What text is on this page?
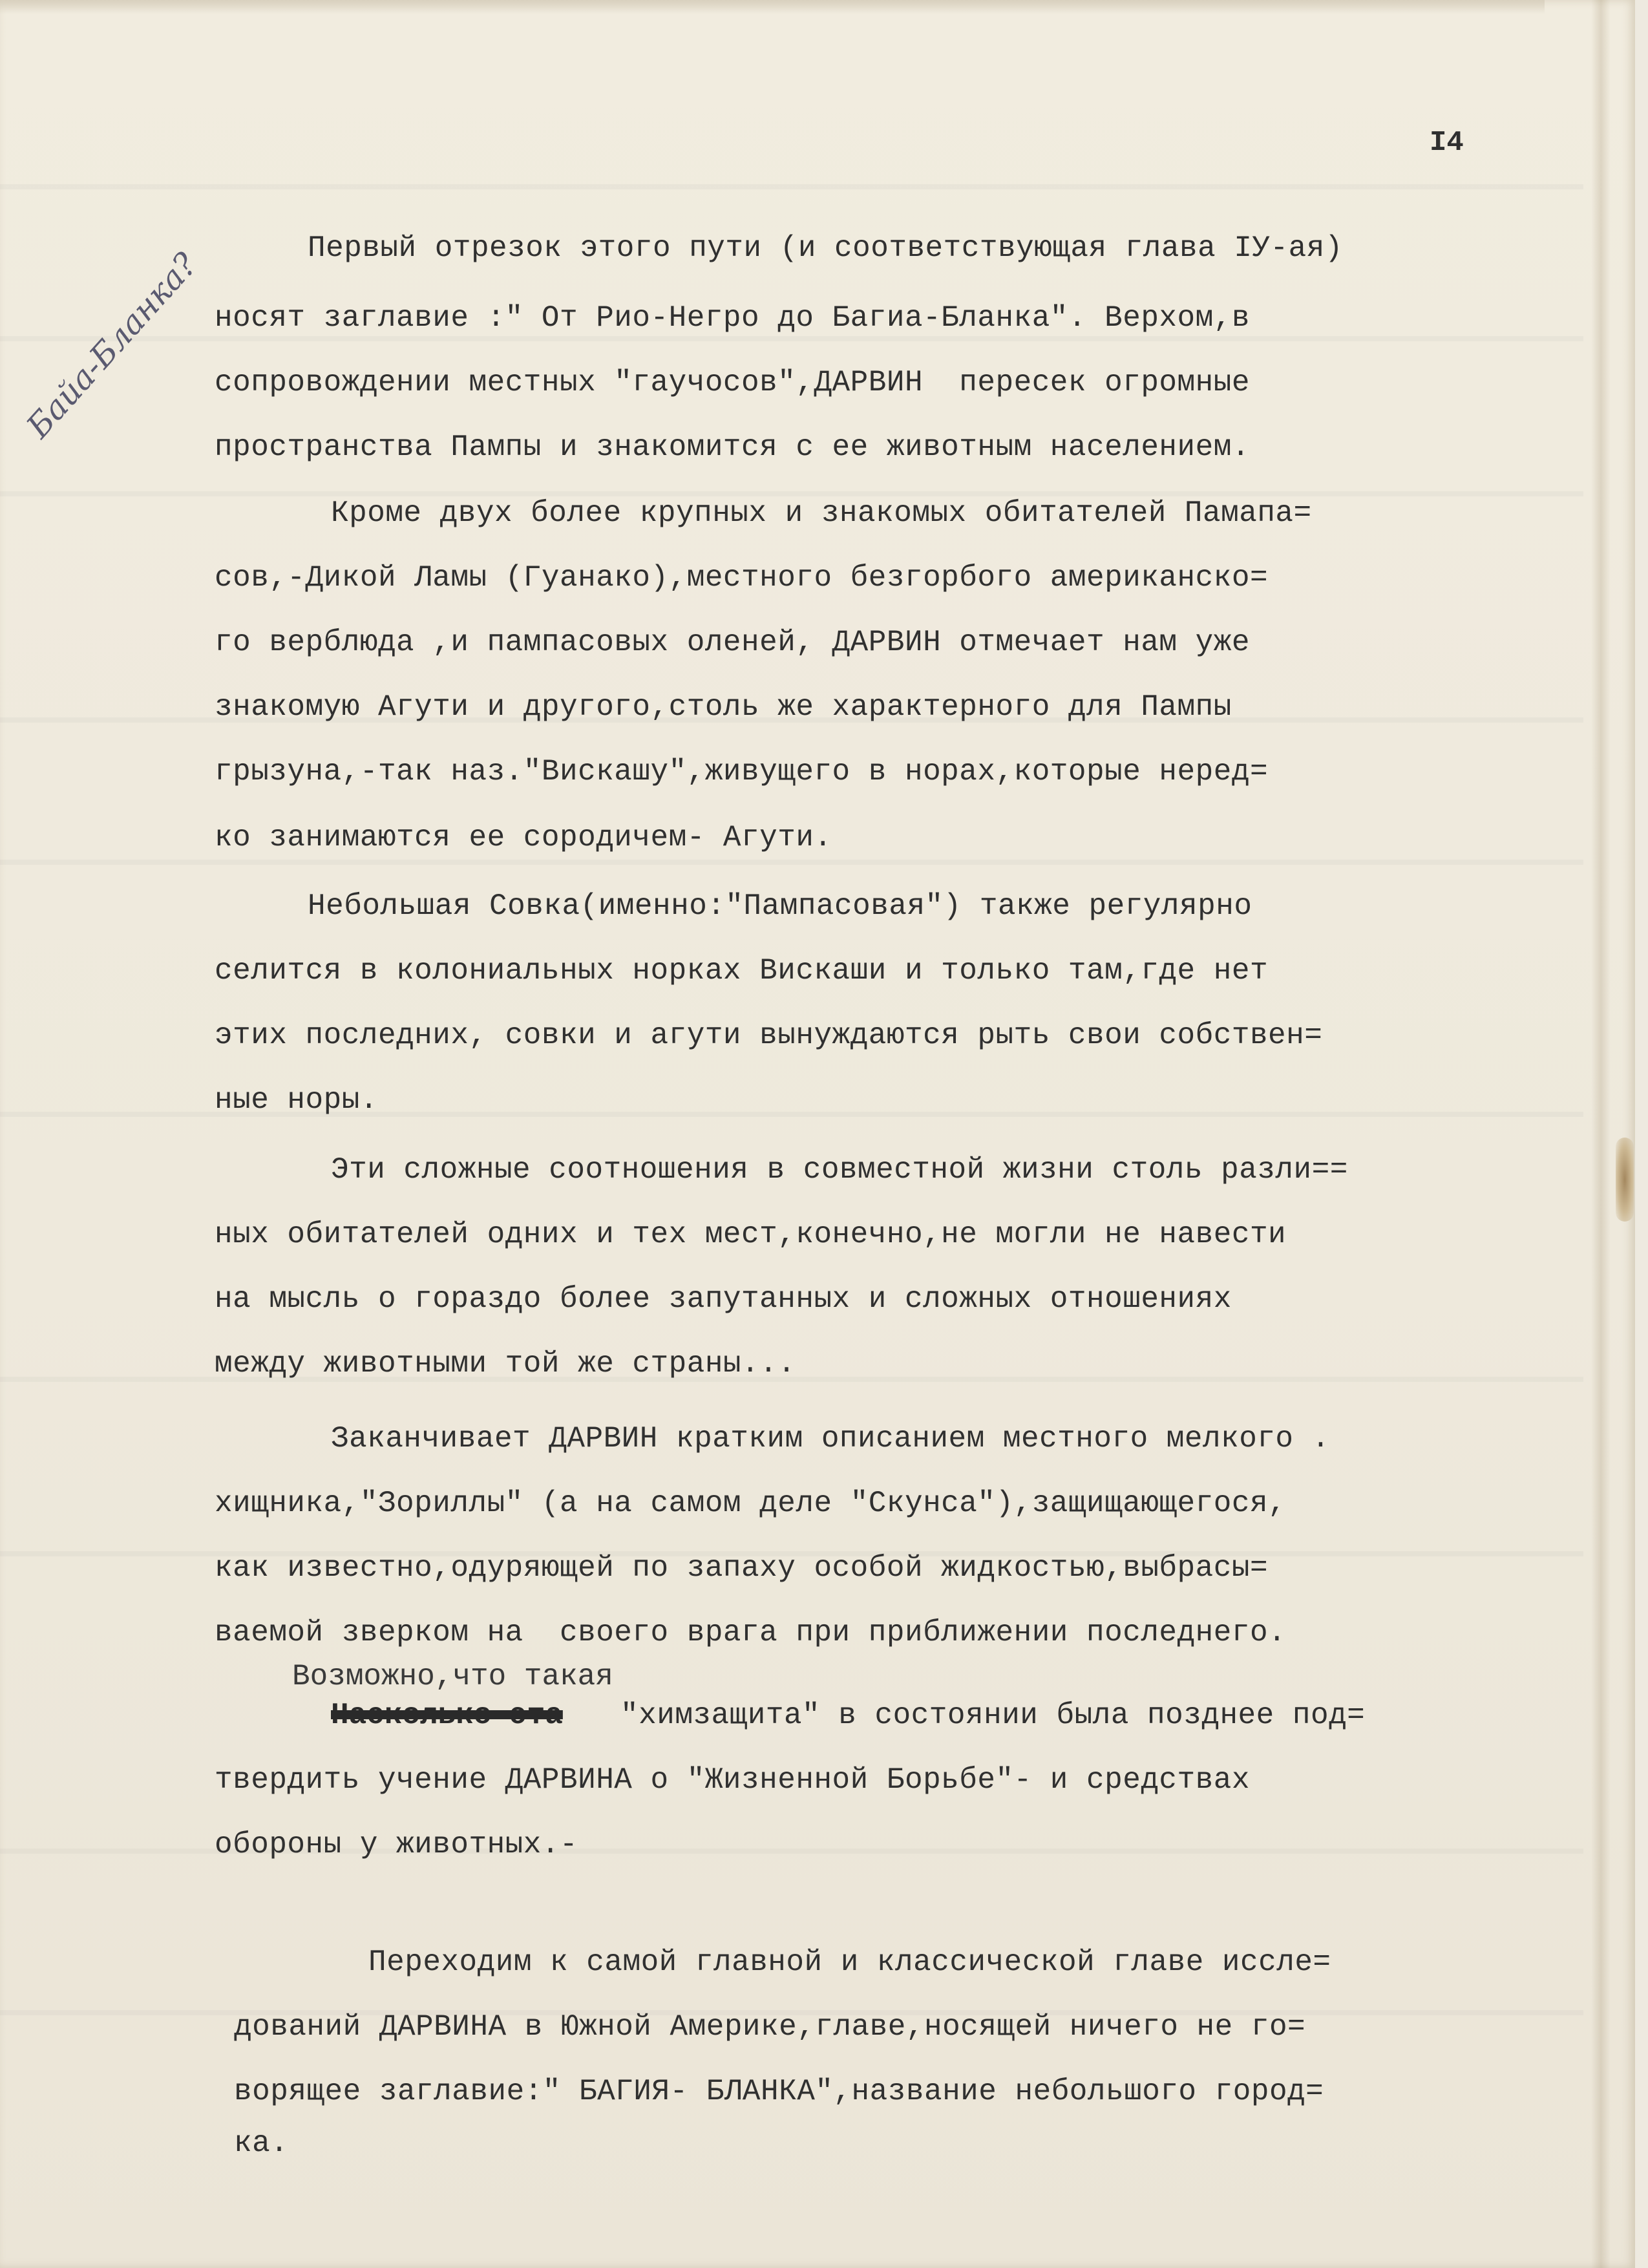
I4
Байа-Бланка?	Первый отрезок этого пути (и соответствующая глава IУ-ая)

носят заглавие :" От Рио-Негро до Багиа-Бланка". Верхом,в

сопровождении местных "гаучосов",ДАРВИН  пересек огромные

пространства Пампы и знакомится с ее животным населением.

Кроме двух более крупных и знакомых обитателей Памапа=

сов,-Дикой Ламы (Гуанако),местного безгорбого американско=

го верблюда ,и пампасовых оленей, ДАРВИН отмечает нам уже

знакомую Агути и другого,столь же характерного для Пампы

грызуна,-так наз."Вискашу",живущего в норах,которые неред=

ко занимаются ее сородичем- Агути.

Небольшая Совка(именно:"Пампасовая") также регулярно

селится в колониальных норках Вискаши и только там,где нет

этих последних, совки и агути вынуждаются рыть свои собствен=

ные норы.

Эти сложные соотношения в совместной жизни столь разли==

ных обитателей одних и тех мест,конечно,не могли не навести

на мысль о гораздо более запутанных и сложных отношениях

между животными той же страны...

Заканчивает ДАРВИН кратким описанием местного мелкого .

хищника,"Зориллы" (а на самом деле "Скунса"),защищающегося,

как известно,одуряющей по запаху особой жидкостью,выбрасы=

ваемой зверком на  своего врага при приближении последнего.

Возможно,что такая

Насколько эта "химзащита" в состоянии была позднее под=

твердить учение ДАРВИНА о "Жизненной Борьбе"- и средствах

обороны у животных.-

Переходим к самой главной и классической главе иссле=

дований ДАРВИНА в Южной Америке,главе,носящей ничего не го=

ворящее заглавие:" БАГИЯ- БЛАНКА",название небольшого город=

ка.
